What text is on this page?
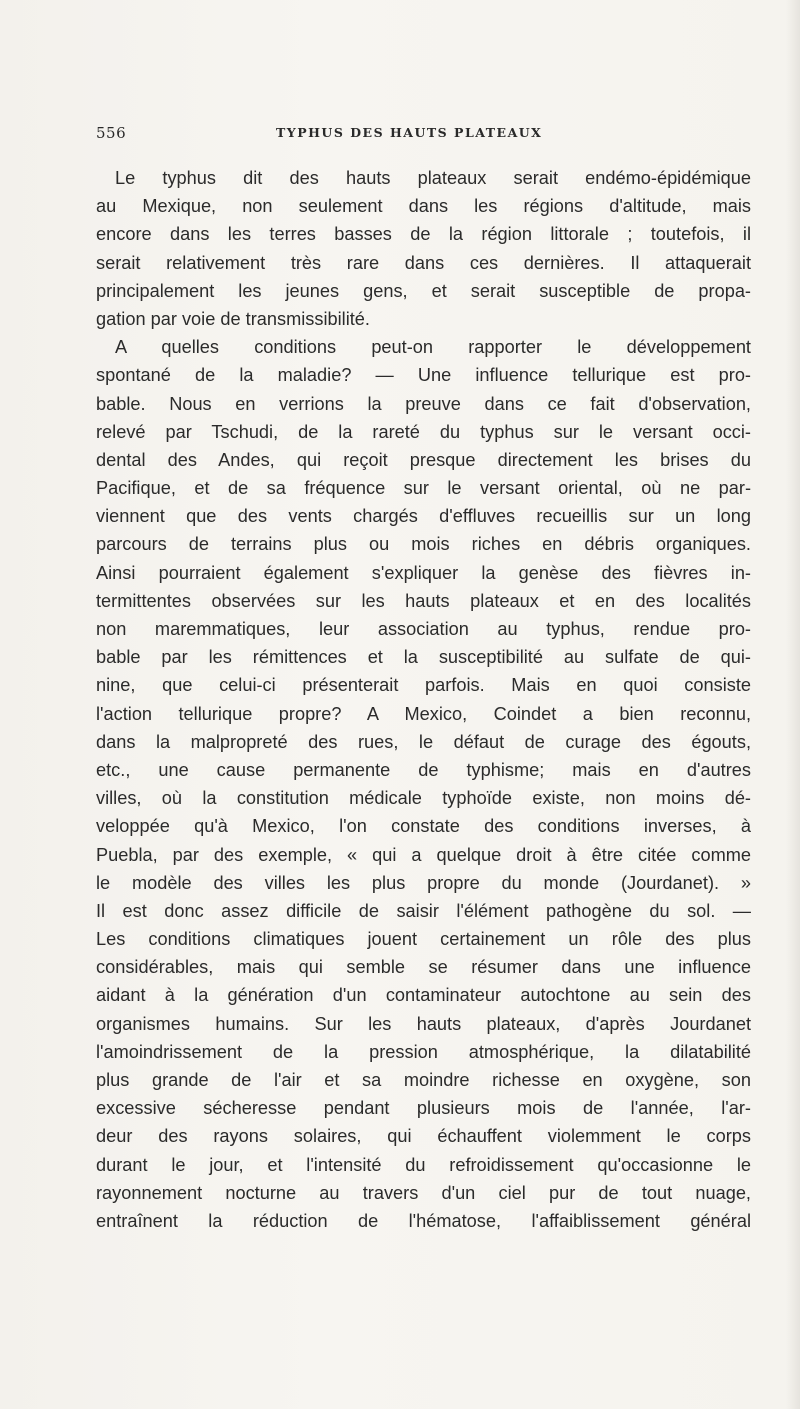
556	TYPHUS DES HAUTS PLATEAUX
Le typhus dit des hauts plateaux serait endémo-épidémique
au Mexique, non seulement dans les régions d'altitude, mais
encore dans les terres basses de la région littorale ; toutefois, il
serait relativement très rare dans ces dernières. Il attaquerait
principalement les jeunes gens, et serait susceptible de propa-
gation par voie de transmissibilité.
A quelles conditions peut-on rapporter le développement
spontané de la maladie? — Une influence tellurique est pro-
bable. Nous en verrions la preuve dans ce fait d'observation,
relevé par Tschudi, de la rareté du typhus sur le versant occi-
dental des Andes, qui reçoit presque directement les brises du
Pacifique, et de sa fréquence sur le versant oriental, où ne par-
viennent que des vents chargés d'effluves recueillis sur un long
parcours de terrains plus ou mois riches en débris organiques.
Ainsi pourraient également s'expliquer la genèse des fièvres in-
termittentes observées sur les hauts plateaux et en des localités
non maremmatiques, leur association au typhus, rendue pro-
bable par les rémittences et la susceptibilité au sulfate de qui-
nine, que celui-ci présenterait parfois. Mais en quoi consiste
l'action tellurique propre? A Mexico, Coindet a bien reconnu,
dans la malpropreté des rues, le défaut de curage des égouts,
etc., une cause permanente de typhisme; mais en d'autres
villes, où la constitution médicale typhoïde existe, non moins dé-
veloppée qu'à Mexico, l'on constate des conditions inverses, à
Puebla, par des exemple, « qui a quelque droit à être citée comme
le modèle des villes les plus propre du monde (Jourdanet). »
Il est donc assez difficile de saisir l'élément pathogène du sol. —
Les conditions climatiques jouent certainement un rôle des plus
considérables, mais qui semble se résumer dans une influence
aidant à la génération d'un contaminateur autochtone au sein des
organismes humains. Sur les hauts plateaux, d'après Jourdanet
l'amoindrissement de la pression atmosphérique, la dilatabilité
plus grande de l'air et sa moindre richesse en oxygène, son
excessive sécheresse pendant plusieurs mois de l'année, l'ar-
deur des rayons solaires, qui échauffent violemment le corps
durant le jour, et l'intensité du refroidissement qu'occasionne le
rayonnement nocturne au travers d'un ciel pur de tout nuage,
entraînent la réduction de l'hématose, l'affaiblissement général
